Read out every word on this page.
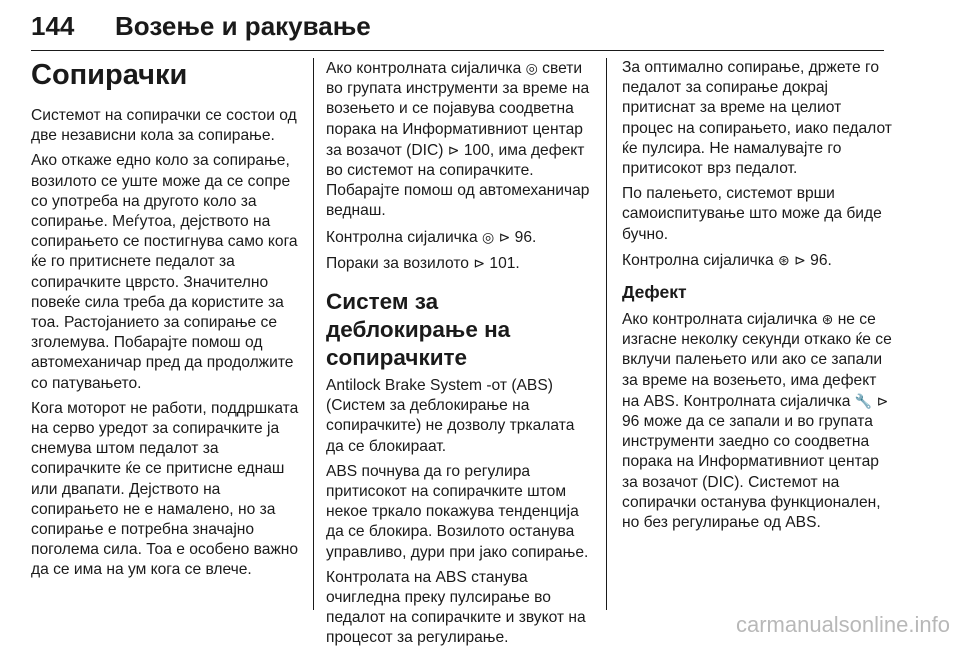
144 Возење и ракување
Сопирачки

Системот на сопирачки се состои од две независни кола за сопирање.

Ако откаже едно коло за сопирање, возилото се уште може да се сопре со употреба на другото коло за сопирање. Меѓутоа, дејството на сопирањето се постигнува само кога ќе го притиснете педалот за сопирачките цврсто. Значително повеќе сила треба да користите за тоа. Растојанието за сопирање се зголемува. Побарајте помош од автомеханичар пред да продолжите со патувањето.

Кога моторот не работи, поддршката на серво уредот за сопирачките ја снемува штом педалот за сопирачките ќе се притисне еднаш или двапати. Дејството на сопирањето не е намалено, но за сопирање е потребна значајно поголема сила. Тоа е особено важно да се има на ум кога се влече.

Ако контролната сијаличка ◎ свети во групата инструменти за време на возењето и се појавува соодветна порака на Информативниот центар за возачот (DIC) ⊳ 100, има дефект во системот на сопирачките. Побарајте помош од автомеханичар веднаш.

Контролна сијаличка ◎ ⊳ 96.

Пораки за возилото ⊳ 101.

Систем за деблокирање на сопирачките

Antilock Brake System -от (ABS) (Систем за деблокирање на сопирачките) не дозволу тркалата да се блокираат.

ABS почнува да го регулира притисокот на сопирачките штом некое тркало покажува тенденција да се блокира. Возилото останува управливо, дури при јако сопирање.

Контролата на ABS станува очигледна преку пулсирање во педалот на сопирачките и звукот на процесот за регулирање.

За оптимално сопирање, држете го педалот за сопирање докрај притиснат за време на целиот процес на сопирањето, иако педалот ќе пулсира. Не намалувајте го притисокот врз педалот.

По палењето, системот врши самоиспитување што може да биде бучно.

Контролна сијаличка ⊛ ⊳ 96.

Дефект

Ако контролната сијаличка ⊛ не се изгасне неколку секунди откако ќе се вклучи палењето или ако се запали за време на возењето, има дефект на ABS. Контролната сијаличка 🔧 ⊳ 96 може да се запали и во групата инструменти заедно со соодветна порака на Информативниот центар за возачот (DIC). Системот на сопирачки останува функционален, но без регулирање од ABS.

carmanualsonline.info
